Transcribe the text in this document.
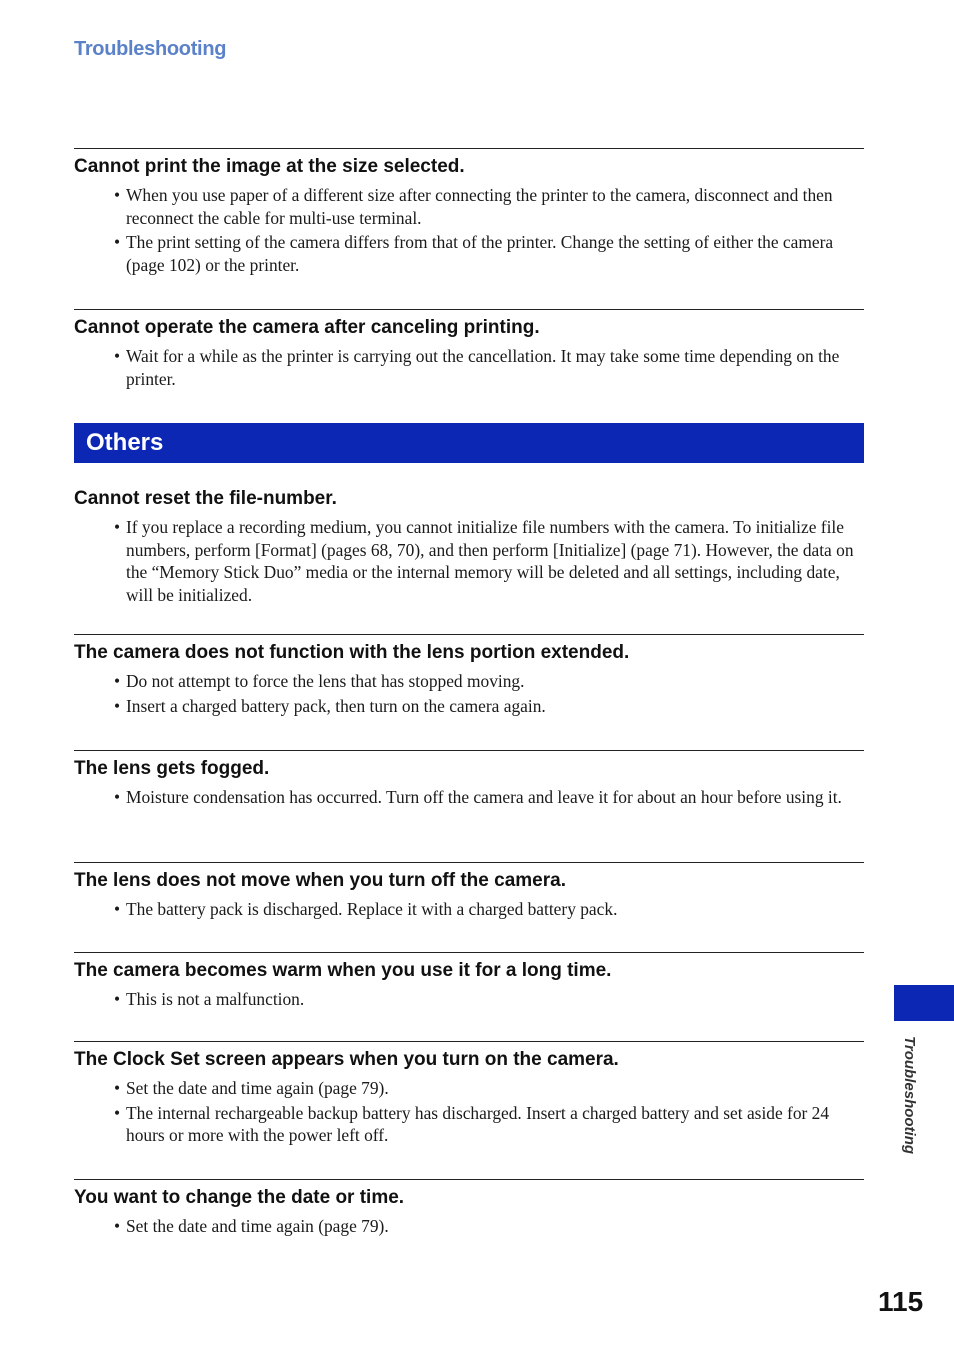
Troubleshooting
Cannot print the image at the size selected.
• When you use paper of a different size after connecting the printer to the camera, disconnect and then reconnect the cable for multi-use terminal.
• The print setting of the camera differs from that of the printer. Change the setting of either the camera (page 102) or the printer.
Cannot operate the camera after canceling printing.
• Wait for a while as the printer is carrying out the cancellation. It may take some time depending on the printer.
Others
Cannot reset the file-number.
• If you replace a recording medium, you cannot initialize file numbers with the camera. To initialize file numbers, perform [Format] (pages 68, 70), and then perform [Initialize] (page 71). However, the data on the “Memory Stick Duo” media or the internal memory will be deleted and all settings, including date, will be initialized.
The camera does not function with the lens portion extended.
• Do not attempt to force the lens that has stopped moving.
• Insert a charged battery pack, then turn on the camera again.
The lens gets fogged.
• Moisture condensation has occurred. Turn off the camera and leave it for about an hour before using it.
The lens does not move when you turn off the camera.
• The battery pack is discharged. Replace it with a charged battery pack.
The camera becomes warm when you use it for a long time.
• This is not a malfunction.
The Clock Set screen appears when you turn on the camera.
• Set the date and time again (page 79).
• The internal rechargeable backup battery has discharged. Insert a charged battery and set aside for 24 hours or more with the power left off.
You want to change the date or time.
• Set the date and time again (page 79).
Troubleshooting
115
